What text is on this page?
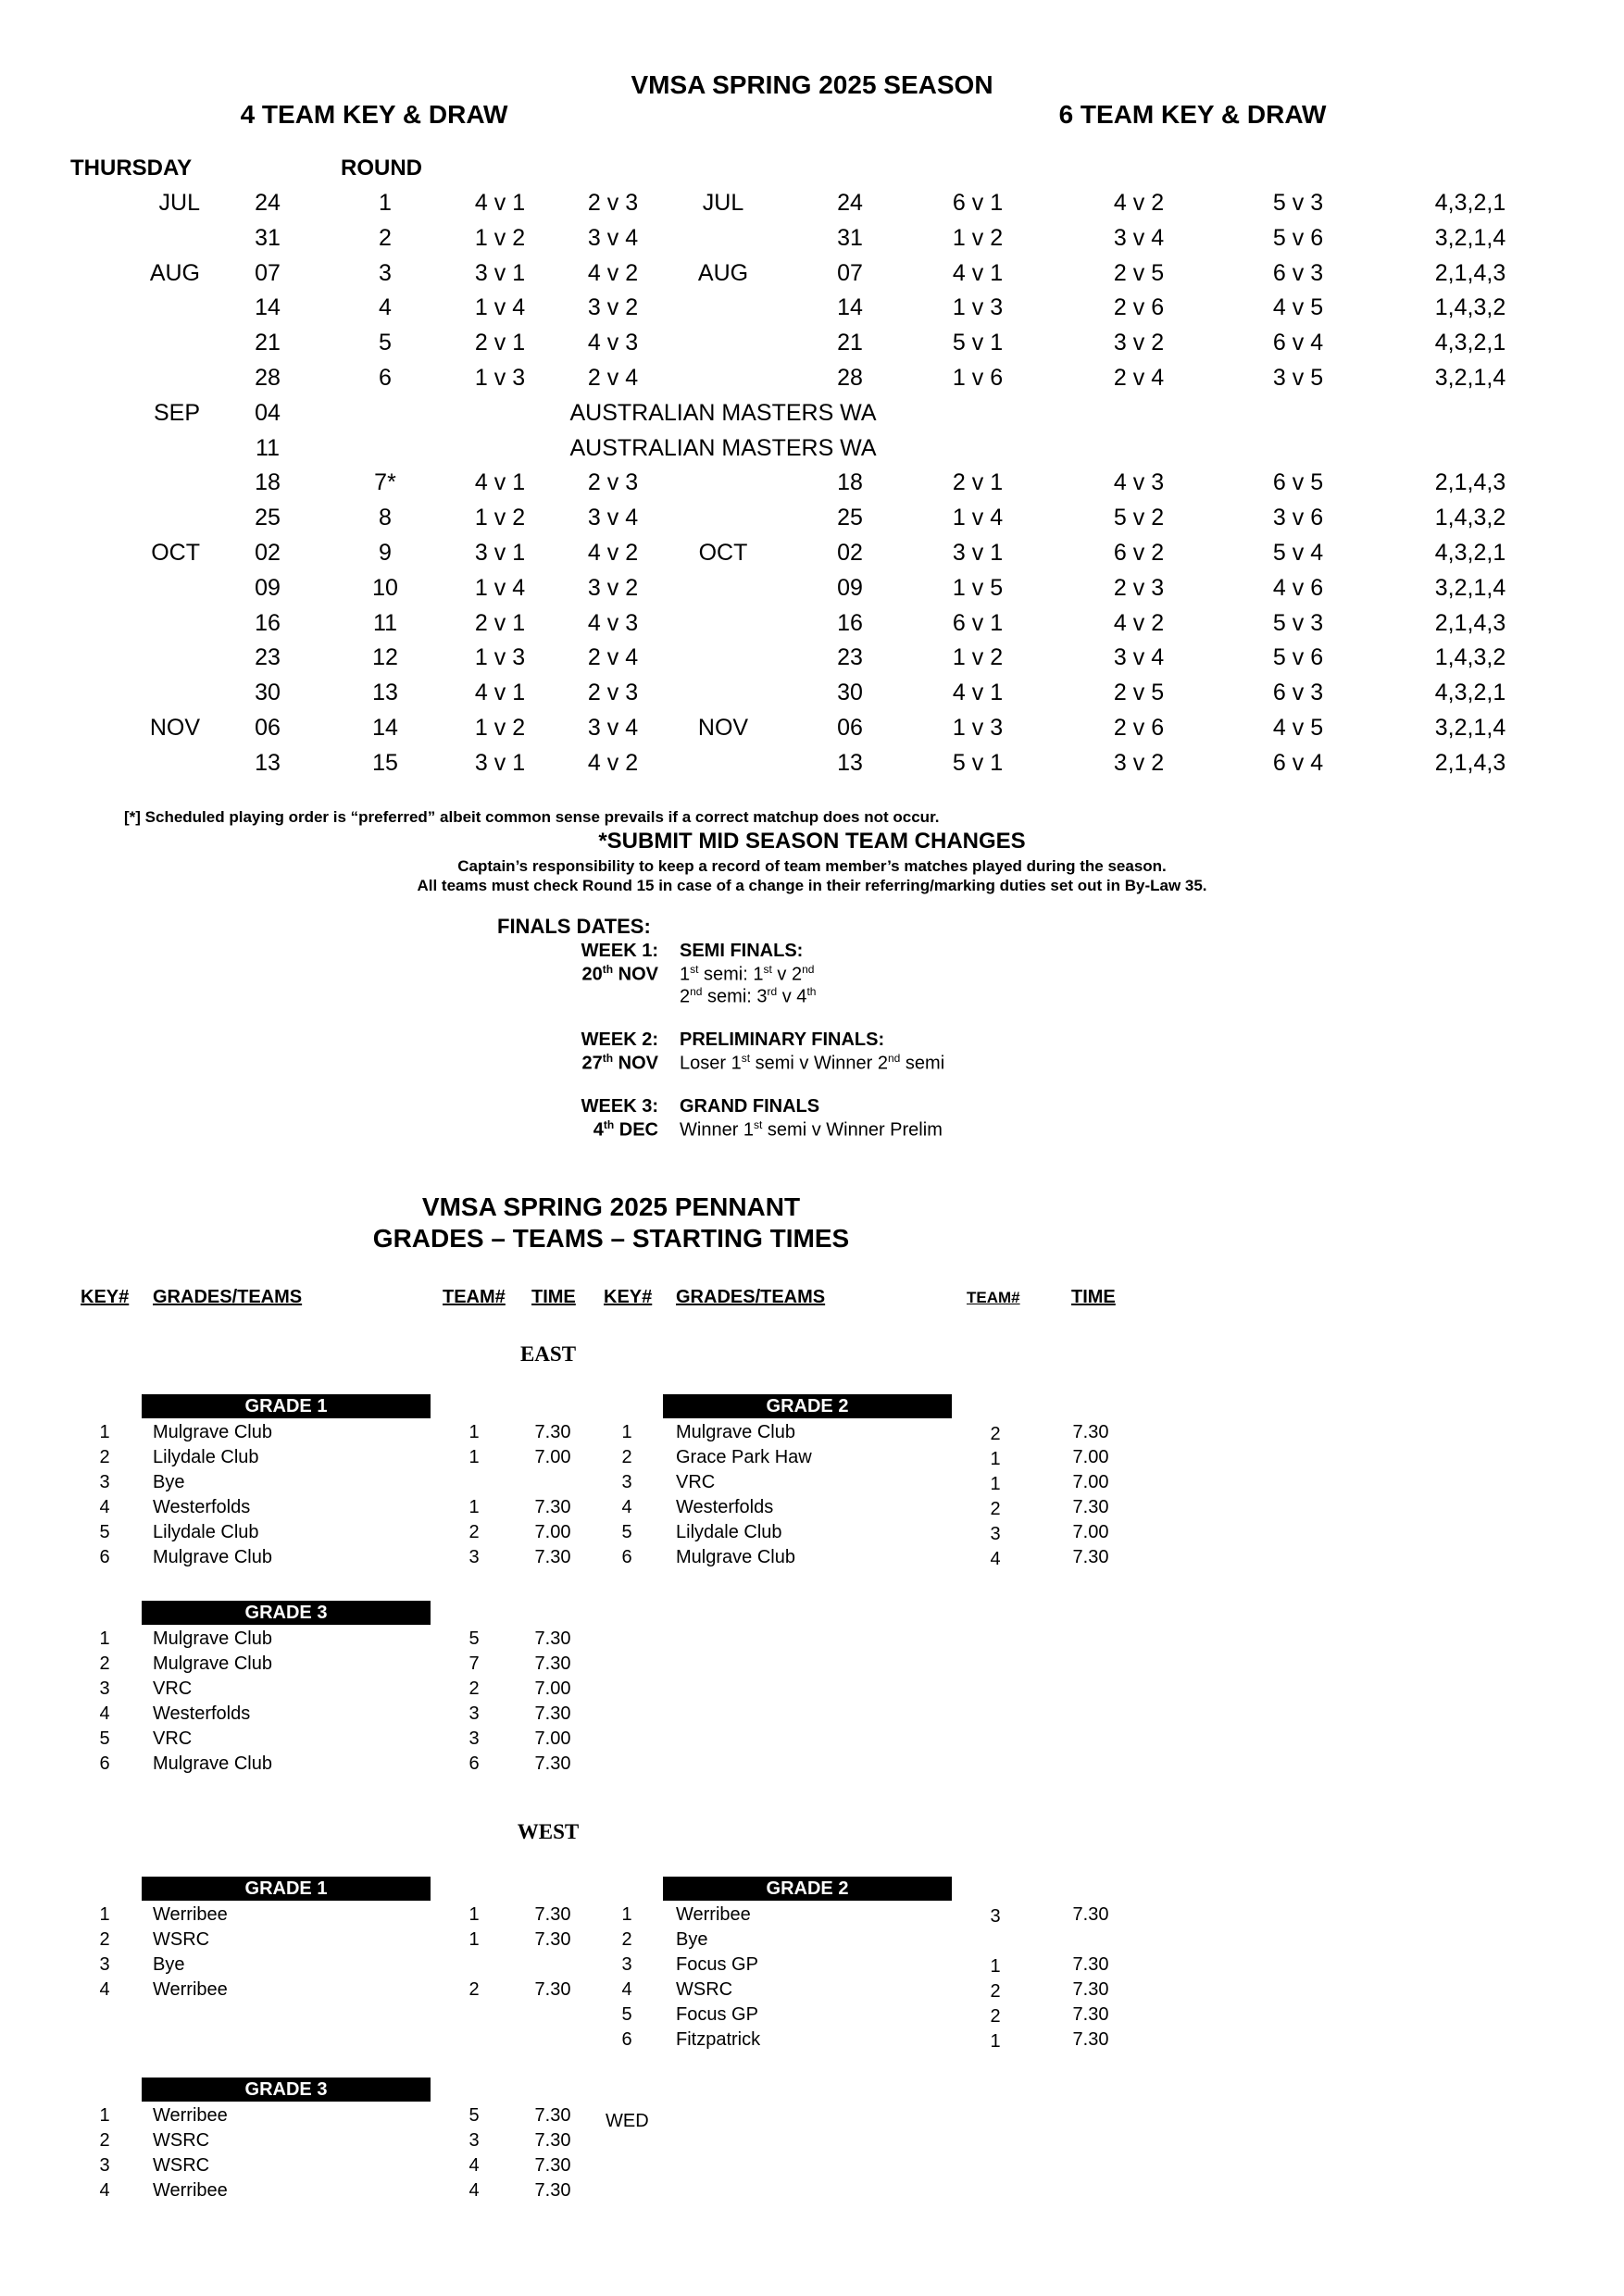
VMSA SPRING 2025 SEASON
4 TEAM KEY & DRAW	6 TEAM KEY & DRAW
THURSDAY	ROUND
JUL 24	1	4 v 1	2 v 3	JUL	24	6 v 1	4 v 2	5 v 3	4,3,2,1
31	2	1 v 2	3 v 4	31	1 v 2	3 v 4	5 v 6	3,2,1,4
AUG 07	3	3 v 1	4 v 2	AUG	07	4 v 1	2 v 5	6 v 3	2,1,4,3
14	4	1 v 4	3 v 2	14	1 v 3	2 v 6	4 v 5	1,4,3,2
21	5	2 v 1	4 v 3	21	5 v 1	3 v 2	6 v 4	4,3,2,1
28	6	1 v 3	2 v 4	28	1 v 6	2 v 4	3 v 5	3,2,1,4
SEP 04	AUSTRALIAN MASTERS WA
11	AUSTRALIAN MASTERS WA
18	7*	4 v 1	2 v 3	18	2 v 1	4 v 3	6 v 5	2,1,4,3
25	8	1 v 2	3 v 4	25	1 v 4	5 v 2	3 v 6	1,4,3,2
OCT 02	9	3 v 1	4 v 2	OCT	02	3 v 1	6 v 2	5 v 4	4,3,2,1
09	10	1 v 4	3 v 2	09	1 v 5	2 v 3	4 v 6	3,2,1,4
16	11	2 v 1	4 v 3	16	6 v 1	4 v 2	5 v 3	2,1,4,3
23	12	1 v 3	2 v 4	23	1 v 2	3 v 4	5 v 6	1,4,3,2
30	13	4 v 1	2 v 3	30	4 v 1	2 v 5	6 v 3	4,3,2,1
NOV 06	14	1 v 2	3 v 4	NOV	06	1 v 3	2 v 6	4 v 5	3,2,1,4
13	15	3 v 1	4 v 2	13	5 v 1	3 v 2	6 v 4	2,1,4,3
[*] Scheduled playing order is “preferred” albeit common sense prevails if a correct matchup does not occur.
*SUBMIT MID SEASON TEAM CHANGES
Captain’s responsibility to keep a record of team member’s matches played during the season.
All teams must check Round 15 in case of a change in their referring/marking duties set out in By-Law 35.
FINALS DATES:
WEEK 1:
20th NOV
SEMI FINALS:
1st semi: 1st v 2nd
2nd semi: 3rd v 4th
WEEK 2:
27th NOV
PRELIMINARY FINALS:
Loser 1st semi v Winner 2nd semi
WEEK 3:
4th DEC
GRAND FINALS
Winner 1st semi v Winner Prelim
VMSA SPRING 2025 PENNANT
GRADES – TEAMS – STARTING TIMES
KEY# GRADES/TEAMS	TEAM# TIME KEY# GRADES/TEAMS	TEAM#	TIME
EAST
WEST
WED
GRADE 1
1 Mulgrave Club	1	7.30
2 Lilydale Club	1	7.00
3 Bye
4 Westerfolds	1	7.30
5 Lilydale Club	2	7.00
6 Mulgrave Club	3	7.30
GRADE 2
1 Mulgrave Club	2	7.30
2 Grace Park Haw	1	7.00
3 VRC	1	7.00
4 Westerfolds	2	7.30
5 Lilydale Club	3	7.00
6 Mulgrave Club	4	7.30
GRADE 3
1 Mulgrave Club	5	7.30
2 Mulgrave Club	7	7.30
3 VRC	2	7.00
4 Westerfolds	3	7.30
5 VRC	3	7.00
6 Mulgrave Club	6	7.30
GRADE 1
1 Werribee	1	7.30
2 WSRC	1	7.30
3 Bye
4 Werribee	2	7.30
GRADE 2
1 Werribee	3	7.30
2 Bye
3 Focus GP	1	7.30
4 WSRC	2	7.30
5 Focus GP	2	7.30
6 Fitzpatrick	1	7.30
GRADE 3
1 Werribee	5	7.30
2 WSRC	3	7.30
3 WSRC	4	7.30
4 Werribee	4	7.30
